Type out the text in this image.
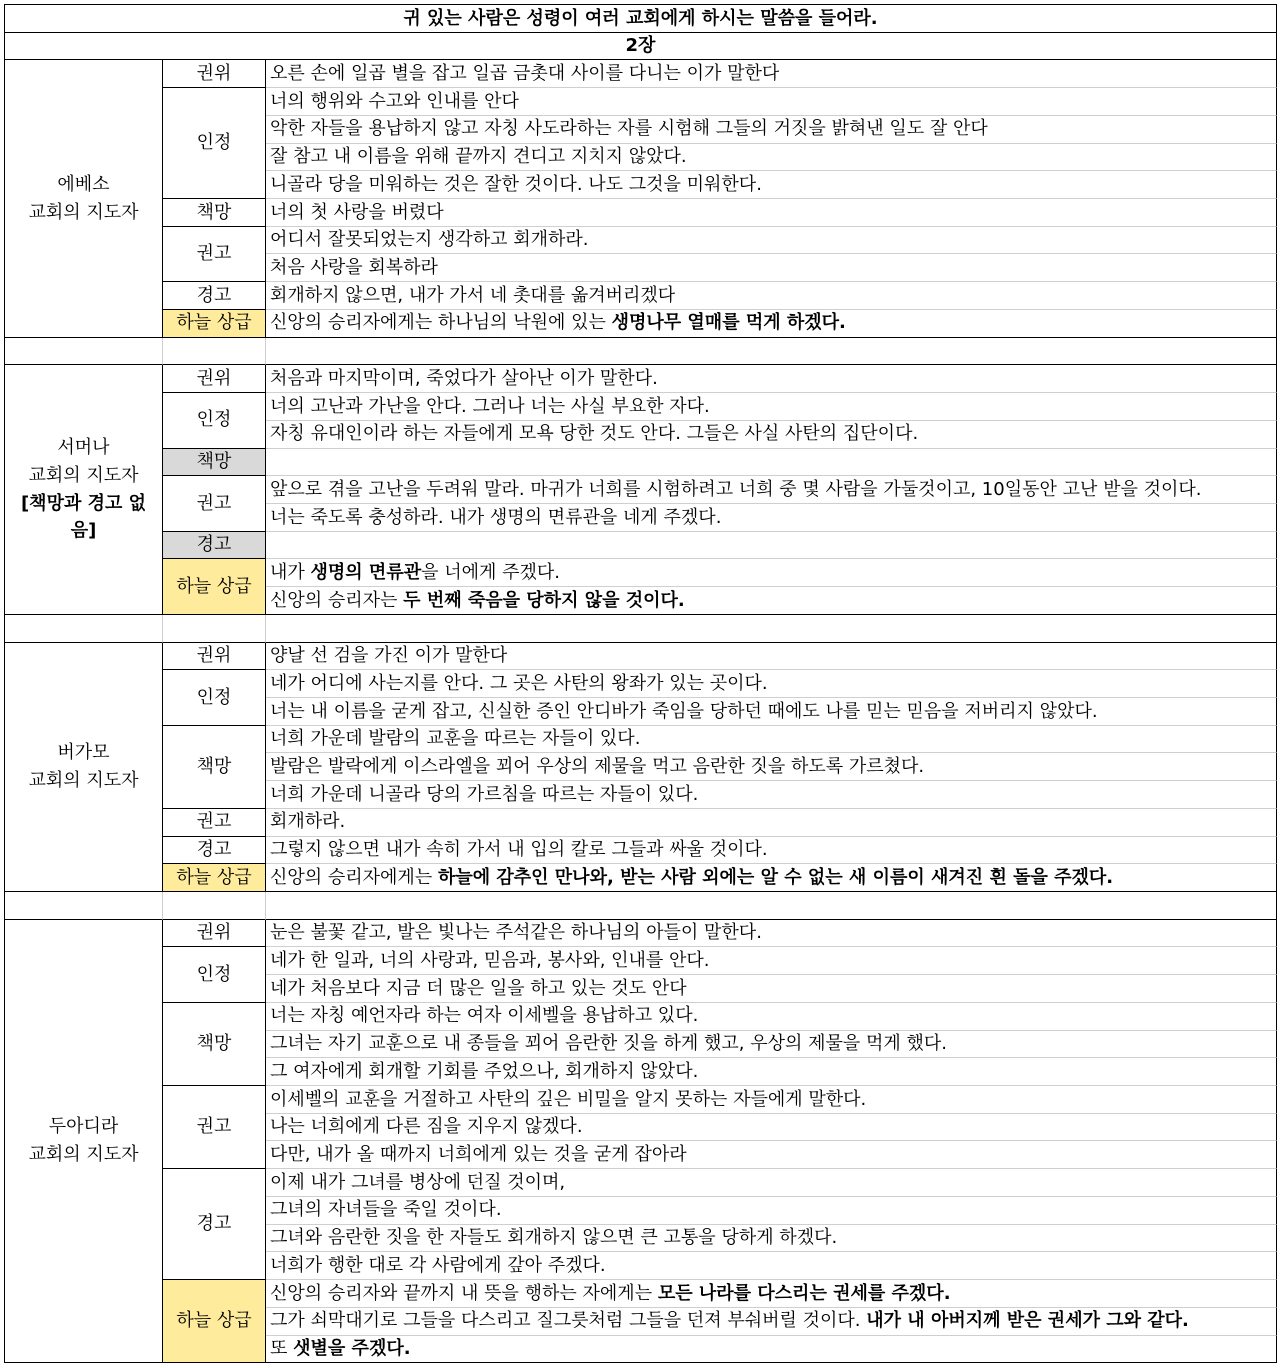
귀 있는 사람은 성령이 여러 교회에게 하시는 말씀을 들어라.		
2장		

에베소
교회의 지도자	권위	오른 손에 일곱 별을 잡고 일곱 금촛대 사이를 다니는 이가 말한다
	인정	너의 행위와 수고와 인내를 안다
		악한 자들을 용납하지 않고 자칭 사도라하는 자를 시험해 그들의 거짓을 밝혀낸 일도 잘 안다
		잘 참고 내 이름을 위해 끝까지 견디고 지치지 않았다.
		니골라 당을 미워하는 것은 잘한 것이다. 나도 그것을 미워한다.
	책망	너의 첫 사랑을 버렸다
	권고	어디서 잘못되었는지 생각하고 회개하라.
		처음 사랑을 회복하라
	경고	회개하지 않으면, 내가 가서 네 촛대를 옮겨버리겠다
	하늘 상급	신앙의 승리자에게는 하나님의 낙원에 있는 생명나무 열매를 먹게 하겠다.

서머나
교회의 지도자
[책망과 경고 없
음]	권위	처음과 마지막이며, 죽었다가 살아난 이가 말한다.
	인정	너의 고난과 가난을 안다. 그러나 너는 사실 부요한 자다.
		자칭 유대인이라 하는 자들에게 모욕 당한 것도 안다. 그들은 사실 사탄의 집단이다.
	책망	
	권고	앞으로 겪을 고난을 두려워 말라. 마귀가 너희를 시험하려고 너희 중 몇 사람을 가둘것이고, 10일동안 고난 받을 것이다.
		너는 죽도록 충성하라. 내가 생명의 면류관을 네게 주겠다.
	경고	
	하늘 상급	내가 생명의 면류관을 너에게 주겠다.
		신앙의 승리자는 두 번째 죽음을 당하지 않을 것이다.

버가모
교회의 지도자	권위	양날 선 검을 가진 이가 말한다
	인정	네가 어디에 사는지를 안다. 그 곳은 사탄의 왕좌가 있는 곳이다.
		너는 내 이름을 굳게 잡고, 신실한 증인 안디바가 죽임을 당하던 때에도 나를 믿는 믿음을 저버리지 않았다.
	책망	너희 가운데 발람의 교훈을 따르는 자들이 있다.
		발람은 발락에게 이스라엘을 꾀어 우상의 제물을 먹고 음란한 짓을 하도록 가르쳤다.
		너희 가운데 니골라 당의 가르침을 따르는 자들이 있다.
	권고	회개하라.
	경고	그렇지 않으면 내가 속히 가서 내 입의 칼로 그들과 싸울 것이다.
	하늘 상급	신앙의 승리자에게는 하늘에 감추인 만나와, 받는 사람 외에는 알 수 없는 새 이름이 새겨진 흰 돌을 주겠다.

두아디라
교회의 지도자	권위	눈은 불꽃 같고, 발은 빛나는 주석같은 하나님의 아들이 말한다.
	인정	네가 한 일과, 너의 사랑과, 믿음과, 봉사와, 인내를 안다.
		네가 처음보다 지금 더 많은 일을 하고 있는 것도 안다
	책망	너는 자칭 예언자라 하는 여자 이세벨을 용납하고 있다.
		그녀는 자기 교훈으로 내 종들을 꾀어 음란한 짓을 하게 했고, 우상의 제물을 먹게 했다.
		그 여자에게 회개할 기회를 주었으나, 회개하지 않았다.
	권고	이세벨의 교훈을 거절하고 사탄의 깊은 비밀을 알지 못하는 자들에게 말한다.
		나는 너희에게 다른 짐을 지우지 않겠다.
		다만, 내가 올 때까지 너희에게 있는 것을 굳게 잡아라
	경고	이제 내가 그녀를 병상에 던질 것이며,
		그녀의 자녀들을 죽일 것이다.
		그녀와 음란한 짓을 한 자들도 회개하지 않으면 큰 고통을 당하게 하겠다.
		너희가 행한 대로 각 사람에게 갚아 주겠다.
	하늘 상급	신앙의 승리자와 끝까지 내 뜻을 행하는 자에게는 모든 나라를 다스리는 권세를 주겠다.
		그가 쇠막대기로 그들을 다스리고 질그릇처럼 그들을 던져 부숴버릴 것이다. 내가 내 아버지께 받은 권세가 그와 같다.
		또 샛별을 주겠다.
